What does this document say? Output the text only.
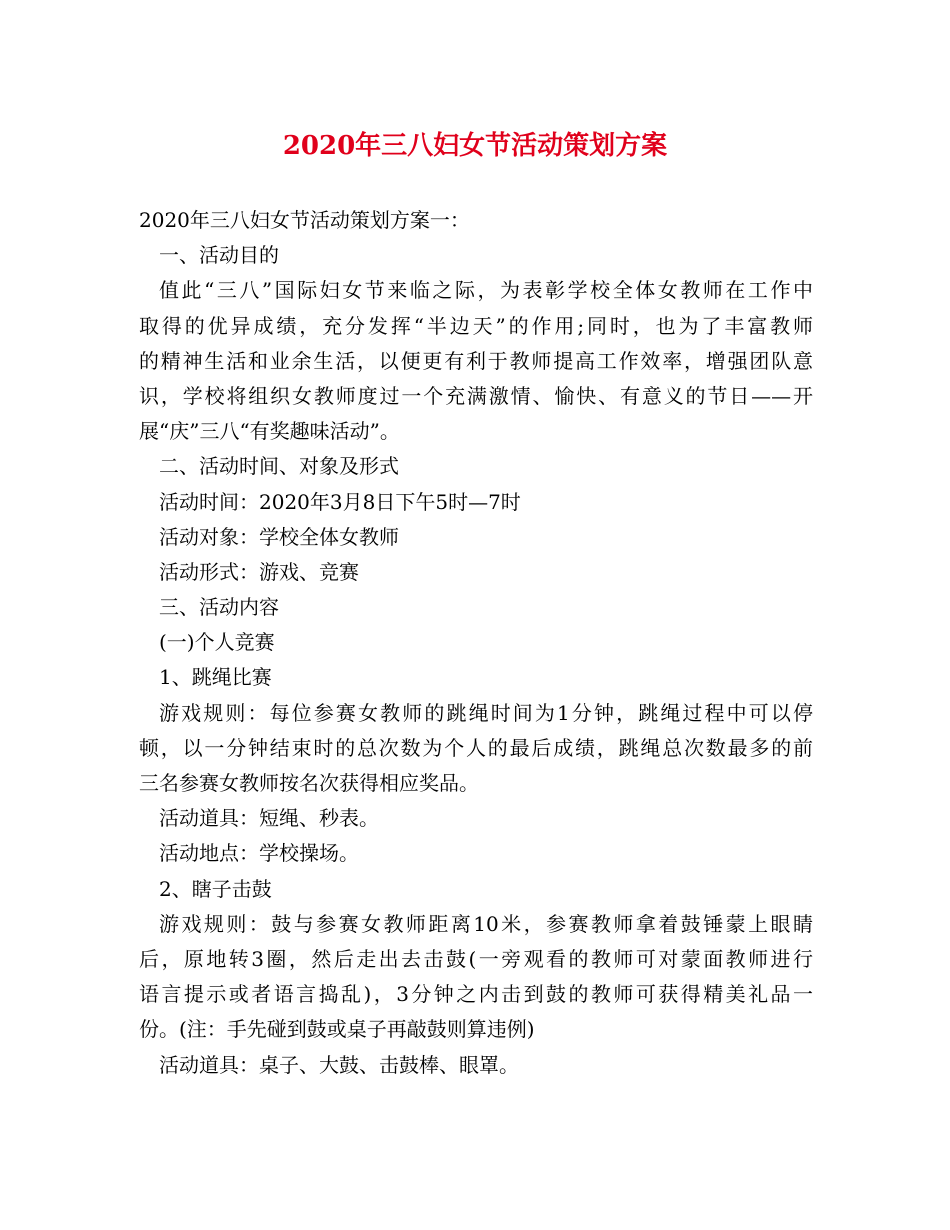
2020年三八妇女节活动策划方案

2020年三八妇女节活动策划方案一：

一、活动目的

值此“三八”国际妇女节来临之际，为表彰学校全体女教师在工作中

取得的优异成绩，充分发挥“半边天”的作用;同时，也为了丰富教师

的精神生活和业余生活，以便更有利于教师提高工作效率，增强团队意

识，学校将组织女教师度过一个充满激情、愉快、有意义的节日——开

展“庆”三八“有奖趣味活动”。

二、活动时间、对象及形式

活动时间：2020年3月8日下午5时—7时

活动对象：学校全体女教师

活动形式：游戏、竞赛

三、活动内容

(一)个人竞赛

1、跳绳比赛

游戏规则：每位参赛女教师的跳绳时间为1分钟，跳绳过程中可以停

顿，以一分钟结束时的总次数为个人的最后成绩，跳绳总次数最多的前

三名参赛女教师按名次获得相应奖品。

活动道具：短绳、秒表。

活动地点：学校操场。

2、瞎子击鼓

游戏规则：鼓与参赛女教师距离10米，参赛教师拿着鼓锤蒙上眼睛

后，原地转3圈，然后走出去击鼓(一旁观看的教师可对蒙面教师进行

语言提示或者语言捣乱)，3分钟之内击到鼓的教师可获得精美礼品一

份。(注：手先碰到鼓或桌子再敲鼓则算违例)

活动道具：桌子、大鼓、击鼓棒、眼罩。
